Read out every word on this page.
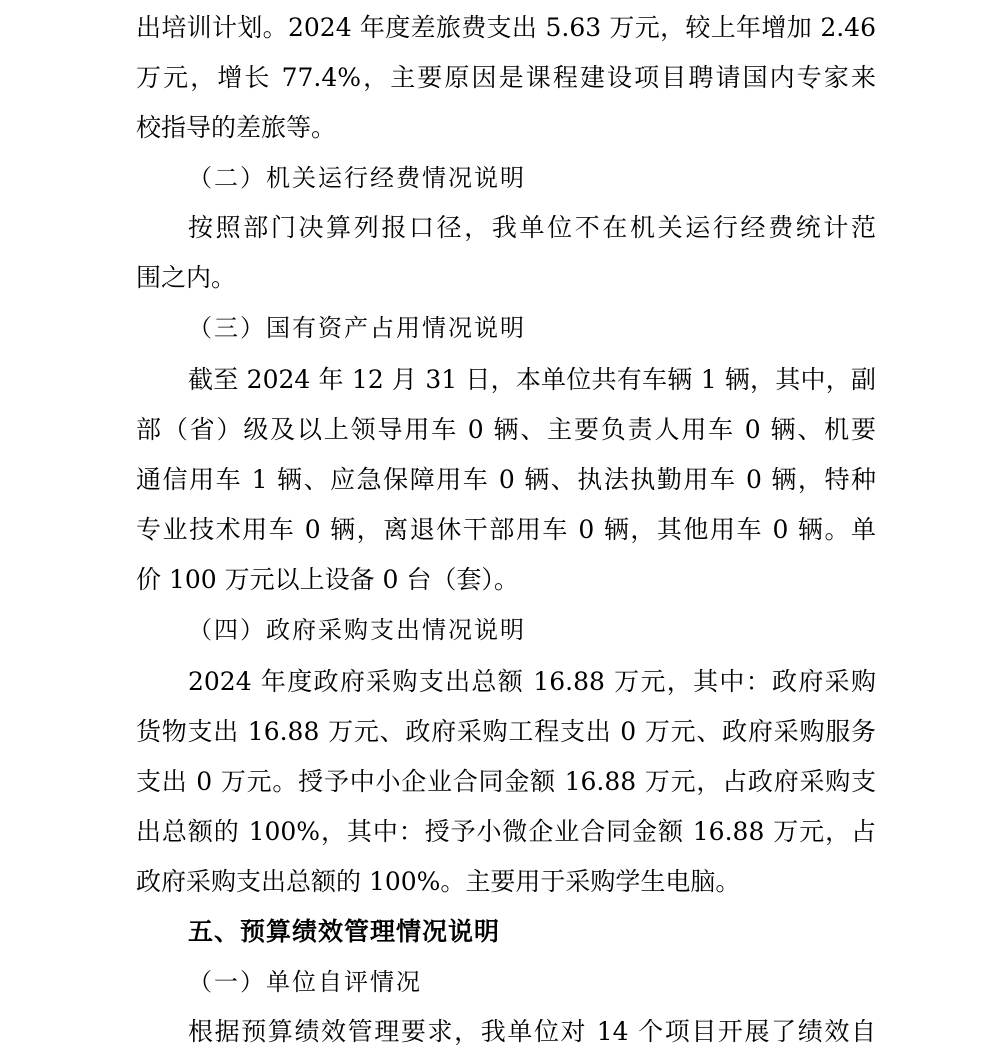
出培训计划。2024 年度差旅费支出 5.63 万元，较上年增加 2.46
万元，增长 77.4%，主要原因是课程建设项目聘请国内专家来
校指导的差旅等。
（二）机关运行经费情况说明
按照部门决算列报口径，我单位不在机关运行经费统计范
围之内。
（三）国有资产占用情况说明
截至 2024 年 12 月 31 日，本单位共有车辆 1 辆，其中，副
部（省）级及以上领导用车 0 辆、主要负责人用车 0 辆、机要
通信用车 1 辆、应急保障用车 0 辆、执法执勤用车 0 辆，特种
专业技术用车 0 辆，离退休干部用车 0 辆，其他用车 0 辆。单
价 100 万元以上设备 0 台（套）。
（四）政府采购支出情况说明
2024 年度政府采购支出总额 16.88 万元，其中：政府采购
货物支出 16.88 万元、政府采购工程支出 0 万元、政府采购服务
支出 0 万元。授予中小企业合同金额 16.88 万元，占政府采购支
出总额的 100%，其中：授予小微企业合同金额 16.88 万元，占
政府采购支出总额的 100%。主要用于采购学生电脑。
五、预算绩效管理情况说明
（一）单位自评情况
根据预算绩效管理要求，我单位对 14 个项目开展了绩效自
